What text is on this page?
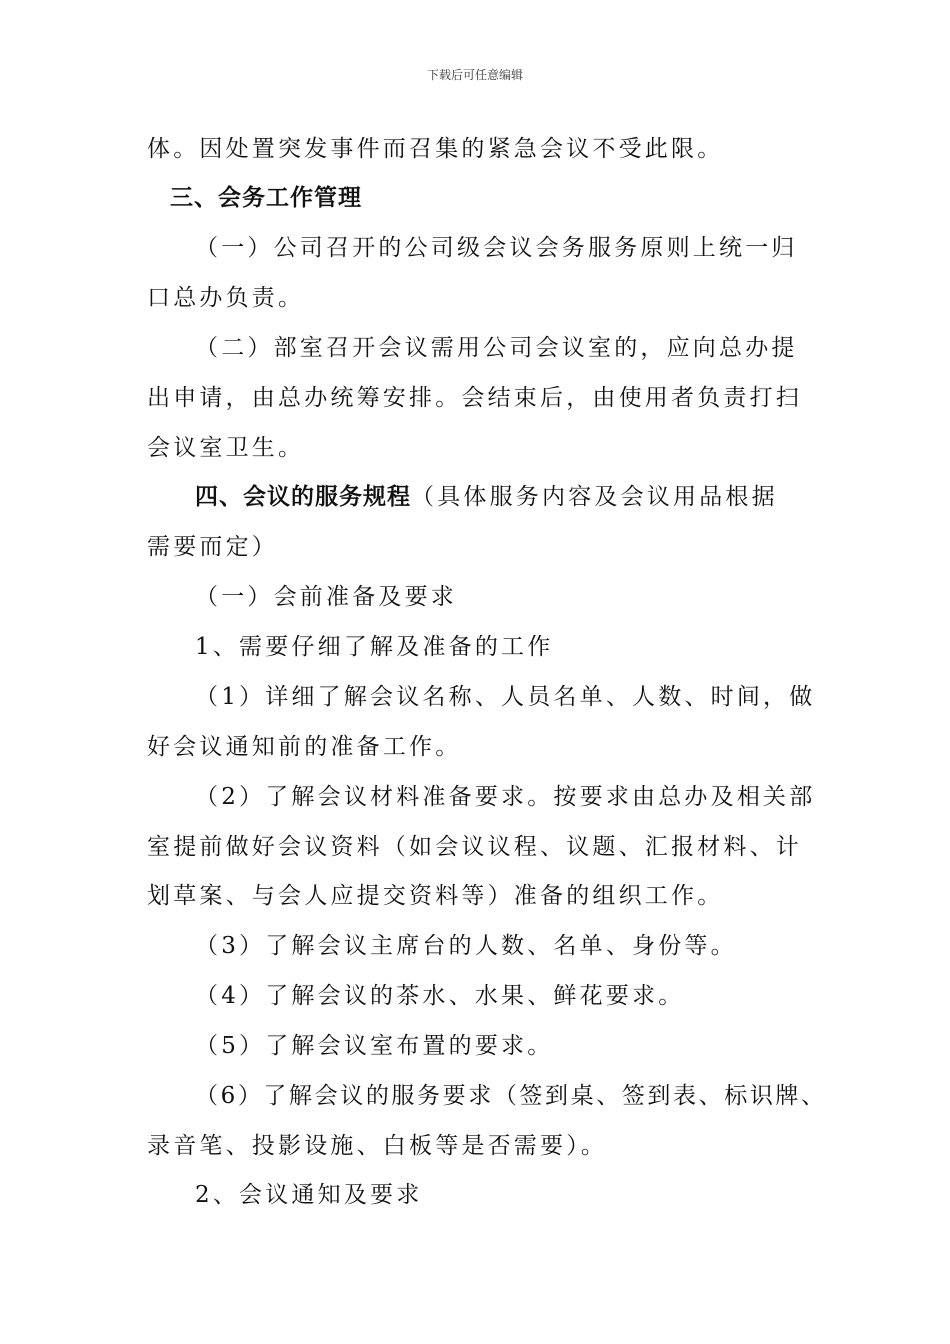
下载后可任意编辑
体。因处置突发事件而召集的紧急会议不受此限。
三、会务工作管理
（一）公司召开的公司级会议会务服务原则上统一归
口总办负责。
（二）部室召开会议需用公司会议室的，应向总办提
出申请，由总办统筹安排。会结束后，由使用者负责打扫
会议室卫生。
四、会议的服务规程（具体服务内容及会议用品根据
需要而定）
（一）会前准备及要求
1、需要仔细了解及准备的工作
（1）详细了解会议名称、人员名单、人数、时间，做
好会议通知前的准备工作。
（2）了解会议材料准备要求。按要求由总办及相关部
室提前做好会议资料（如会议议程、议题、汇报材料、计
划草案、与会人应提交资料等）准备的组织工作。
（3）了解会议主席台的人数、名单、身份等。
（4）了解会议的茶水、水果、鲜花要求。
（5）了解会议室布置的要求。
（6）了解会议的服务要求（签到桌、签到表、标识牌、
录音笔、投影设施、白板等是否需要）。
2、会议通知及要求
